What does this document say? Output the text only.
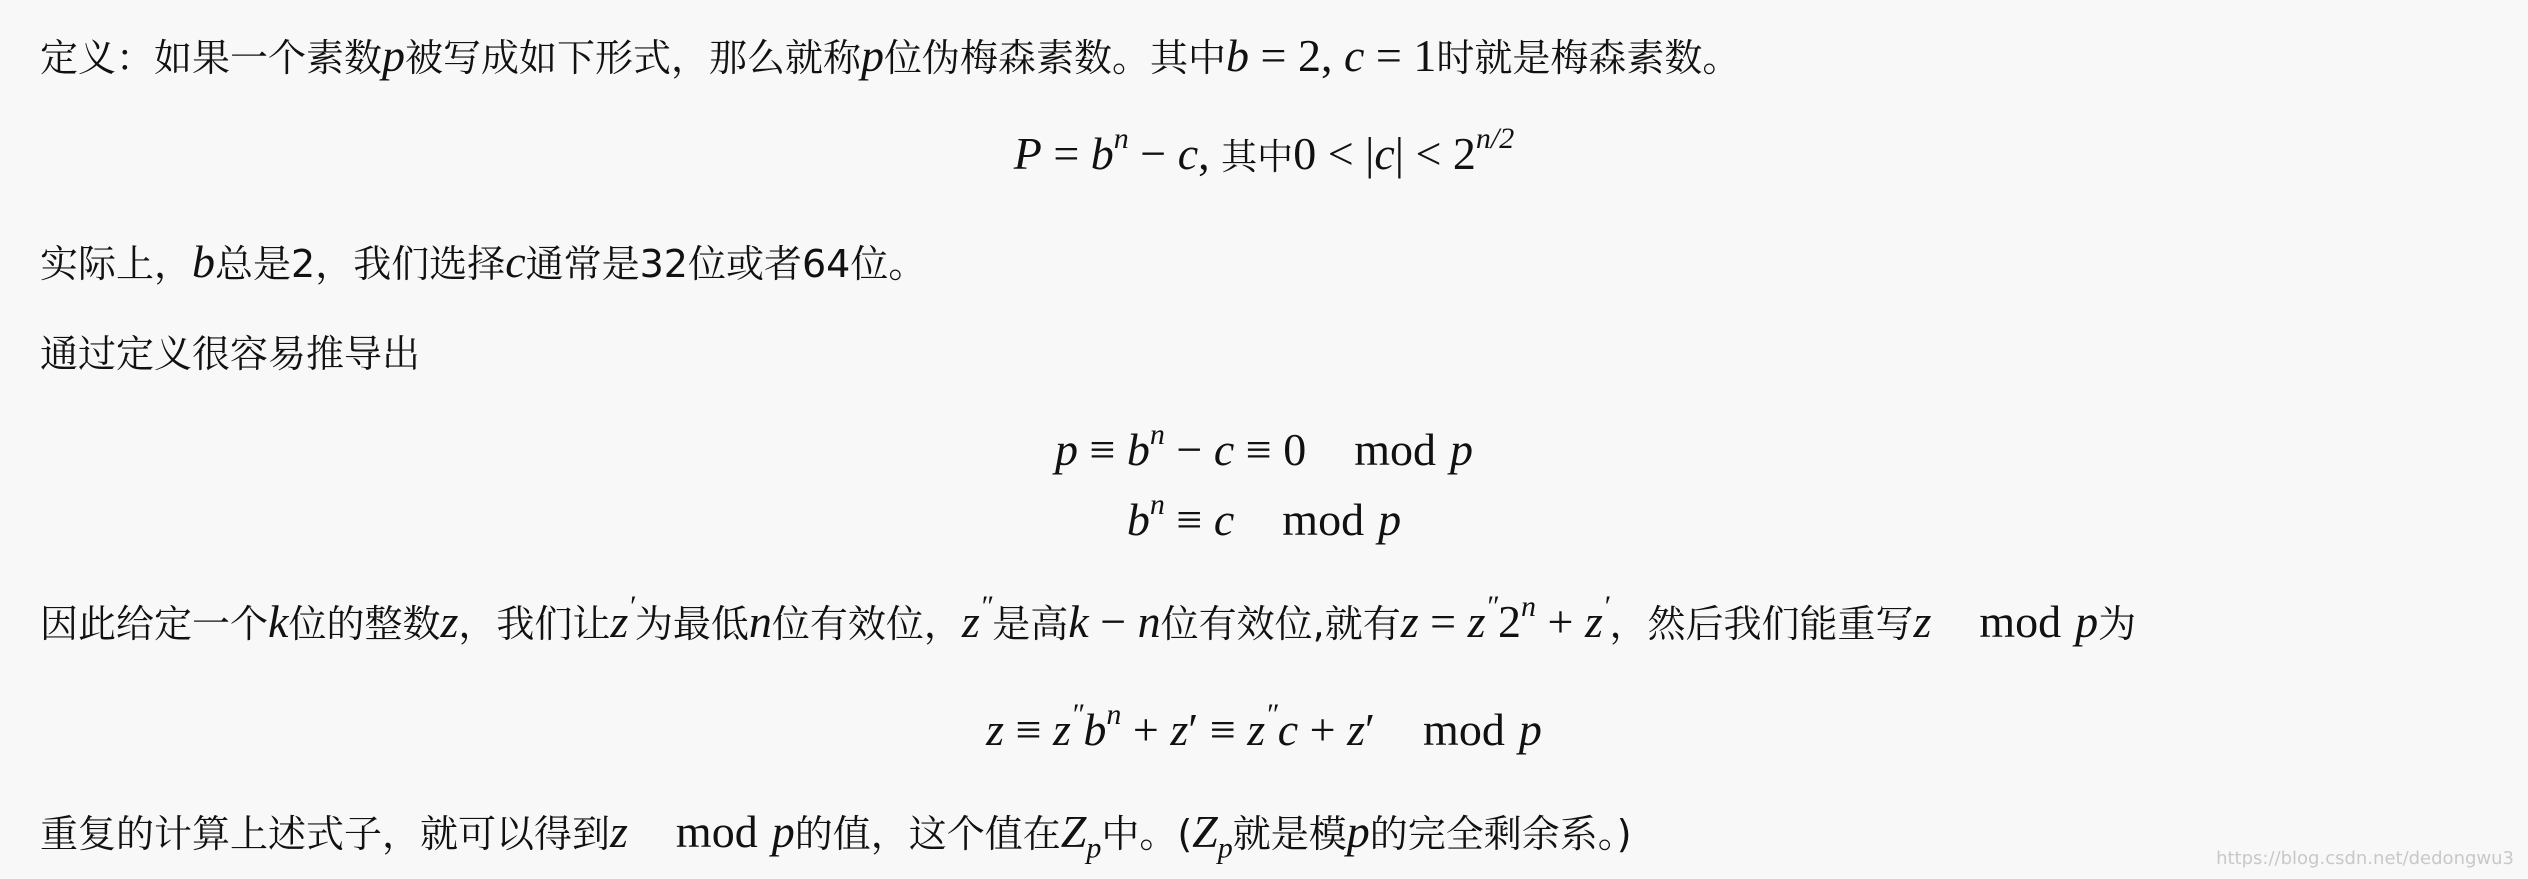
定义：如果一个素数p被写成如下形式，那么就称p位伪梅森素数。其中b = 2, c = 1时就是梅森素数。
P = bn − c, 其中0 < |c| < 2n/2
实际上，b总是2，我们选择c通常是32位或者64位。
通过定义很容易推导出
p ≡ bn − c ≡ 0 mod p
bn ≡ c mod p
因此给定一个k位的整数z，我们让z′为最低n位有效位，z″是高k − n位有效位,就有$z = z''2^n + z'$，然后我们能重写z mod p为
z ≡ z″bn + z′ ≡ z″c + z′ mod p
重复的计算上述式子，就可以得到z mod p的值，这个值在$Z_p$中。($Z_p$就是模p的完全剩余系。)
https://blog.csdn.net/dedongwu3
